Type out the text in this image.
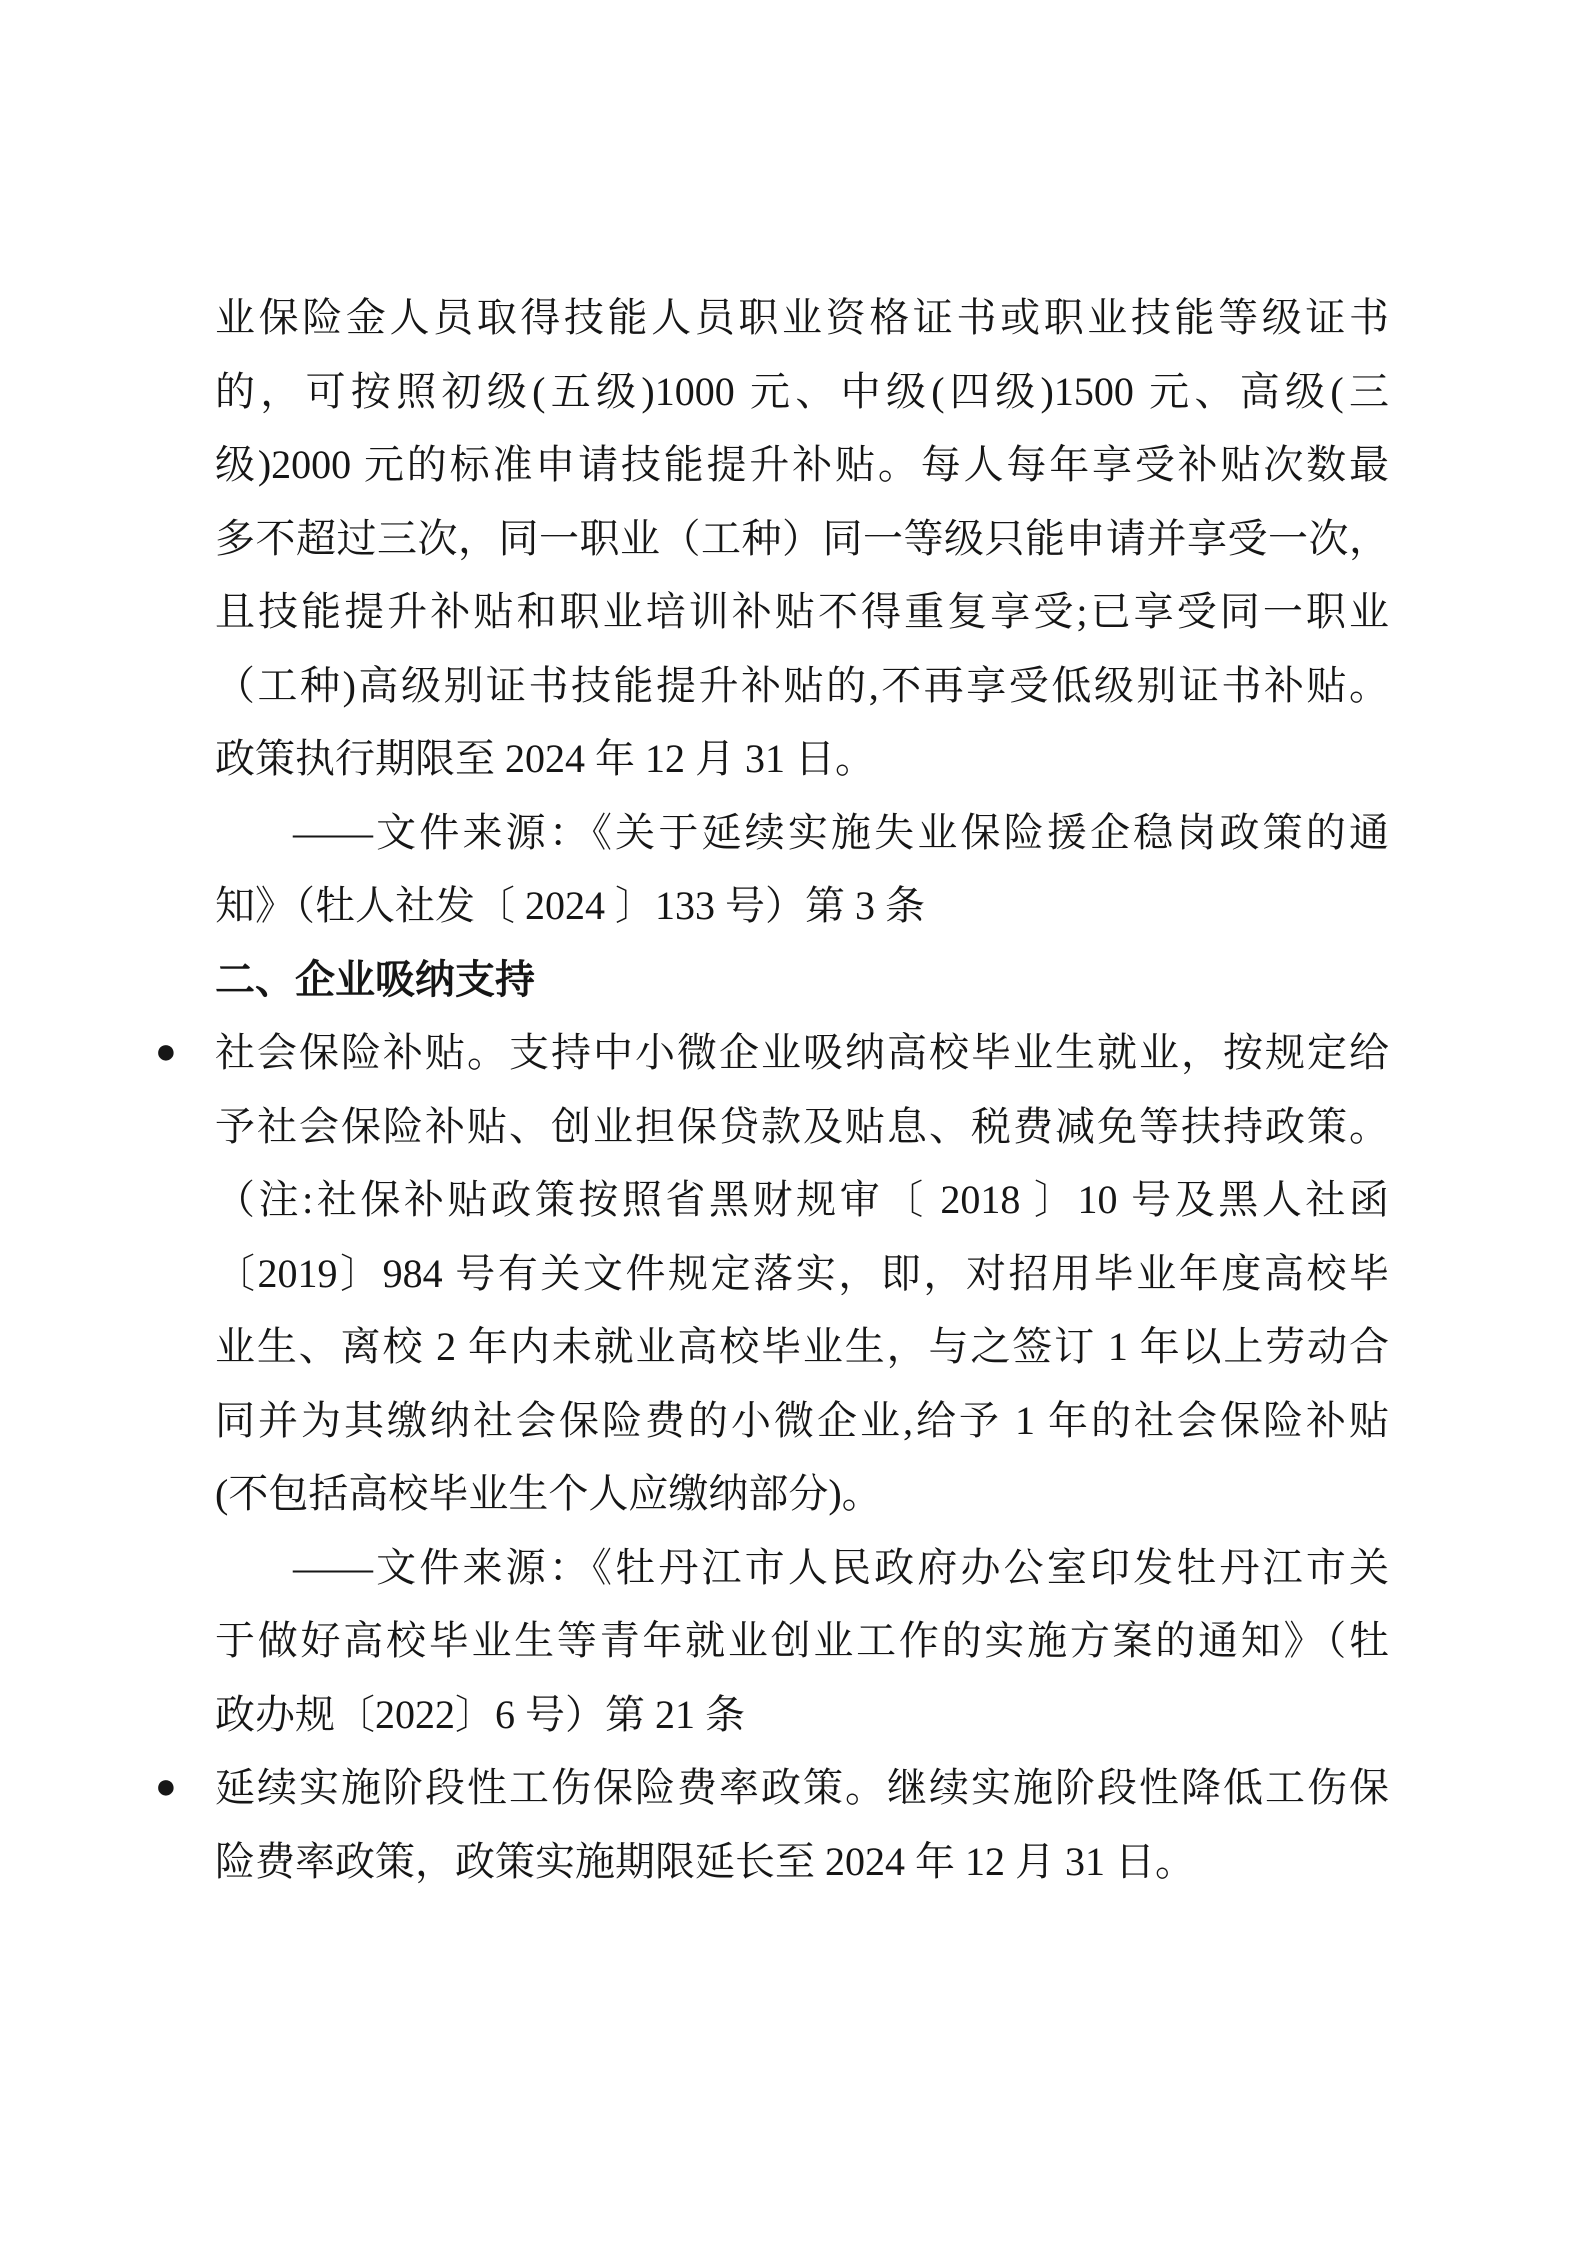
业保险金人员取得技能人员职业资格证书或职业技能等级证书
的，可按照初级(五级)1000 元、中级(四级)1500 元、高级(三
级)2000 元的标准申请技能提升补贴。每人每年享受补贴次数最
多不超过三次，同一职业（工种）同一等级只能申请并享受一次，
且技能提升补贴和职业培训补贴不得重复享受;已享受同一职业
（工种)高级别证书技能提升补贴的,不再享受低级别证书补贴。
政策执行期限至 2024 年 12 月 31 日。
——文件来源：《关于延续实施失业保险援企稳岗政策的通
知》（牡人社发〔 2024 〕133 号）第 3 条
二、企业吸纳支持
● 社会保险补贴。支持中小微企业吸纳高校毕业生就业，按规定给
予社会保险补贴、创业担保贷款及贴息、税费减免等扶持政策。
（注:社保补贴政策按照省黑财规审〔 2018 〕10 号及黑人社函
〔2019〕984 号有关文件规定落实，即，对招用毕业年度高校毕
业生、离校 2 年内未就业高校毕业生，与之签订 1 年以上劳动合
同并为其缴纳社会保险费的小微企业,给予 1 年的社会保险补贴
(不包括高校毕业生个人应缴纳部分)。
——文件来源：《牡丹江市人民政府办公室印发牡丹江市关
于做好高校毕业生等青年就业创业工作的实施方案的通知》（牡
政办规〔2022〕6 号）第 21 条
● 延续实施阶段性工伤保险费率政策。继续实施阶段性降低工伤保
险费率政策，政策实施期限延长至 2024 年 12 月 31 日。
